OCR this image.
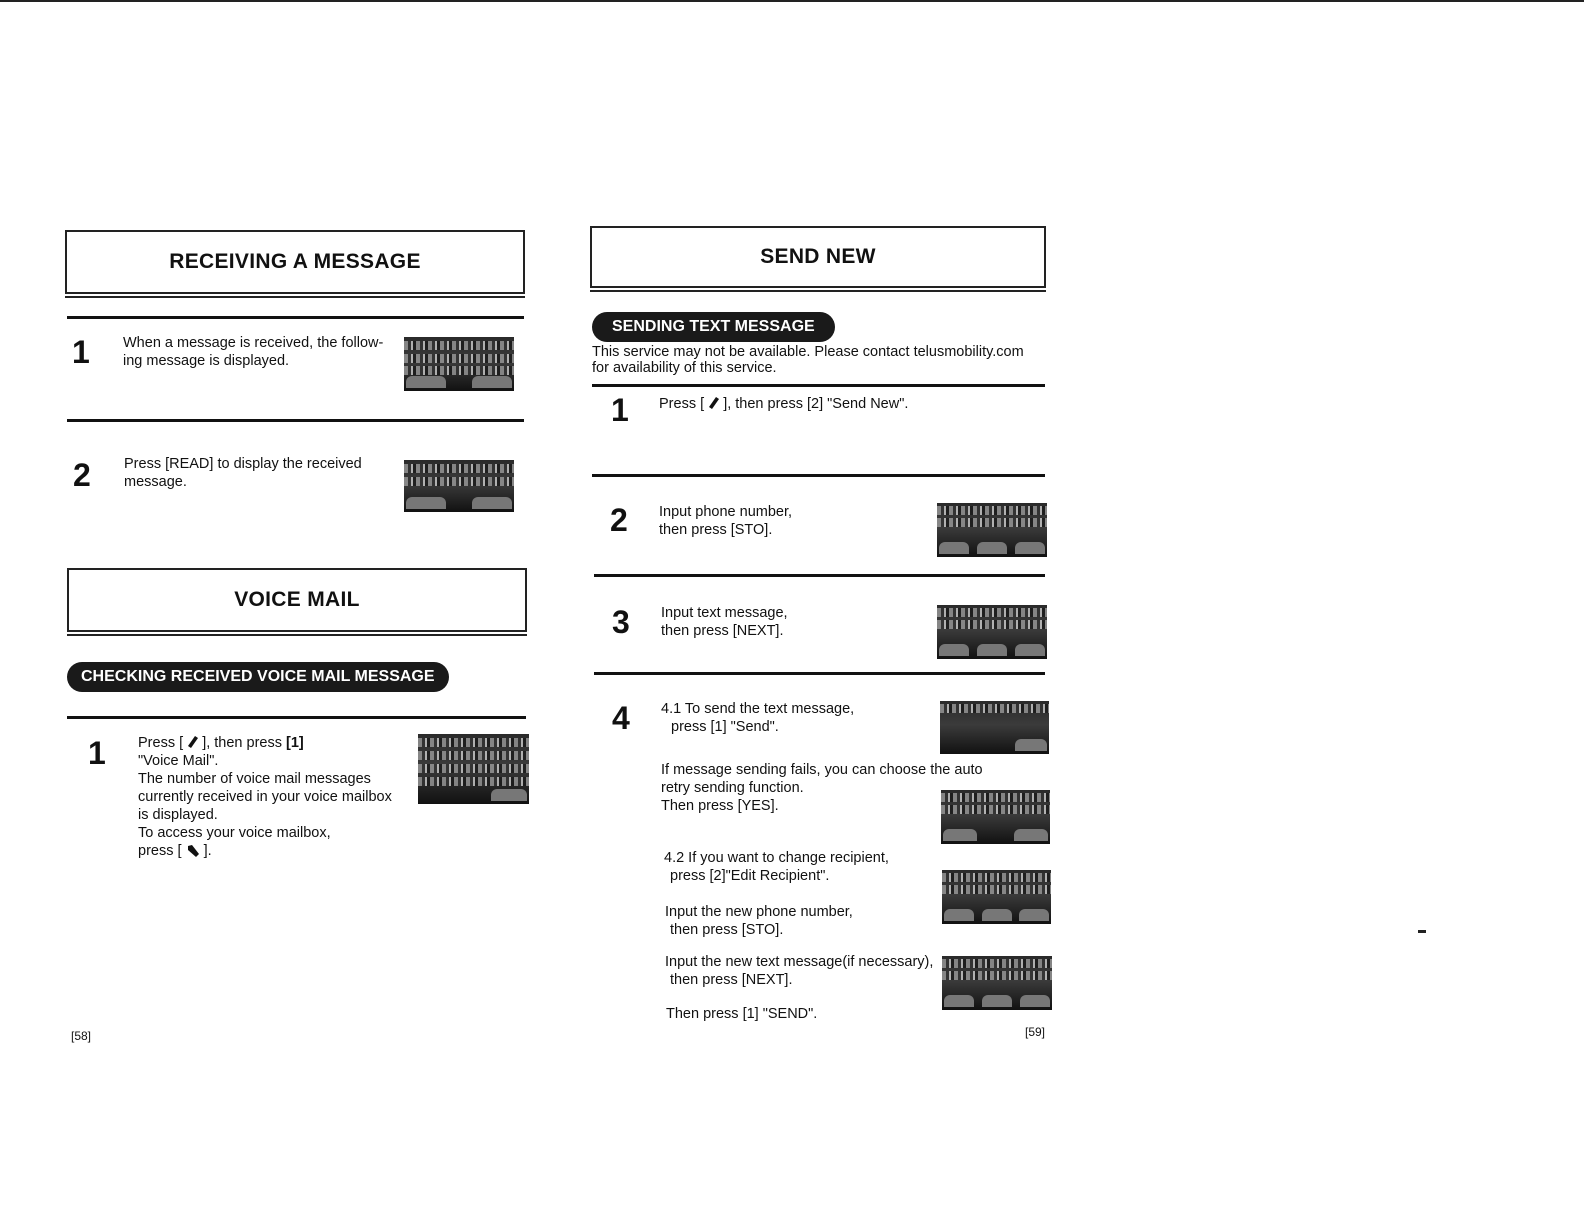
RECEIVING A MESSAGE
1 When a message is received, the follow-
ing message is displayed.
2 Press [READ] to display the received
message.
VOICE MAIL
CHECKING RECEIVED VOICE MAIL MESSAGE
1 Press [ ], then press [1]
"Voice Mail".
The number of voice mail messages
currently received in your voice mailbox
is displayed.
To access your voice mailbox,
press [ ].
[58]
SEND NEW
SENDING TEXT MESSAGE
This service may not be available. Please contact telusmobility.com
for availability of this service.
1 Press [ ], then press [2] "Send New".
2 Input phone number,
then press [STO].
3 Input text message,
then press [NEXT].
4 4.1 To send the text message,
press [1] "Send".
If message sending fails, you can choose the auto
retry sending function.
Then press [YES].
4.2 If you want to change recipient,
press [2]"Edit Recipient".
Input the new phone number,
then press [STO].
Input the new text message(if necessary),
then press [NEXT].
Then press [1] "SEND".
[59]
